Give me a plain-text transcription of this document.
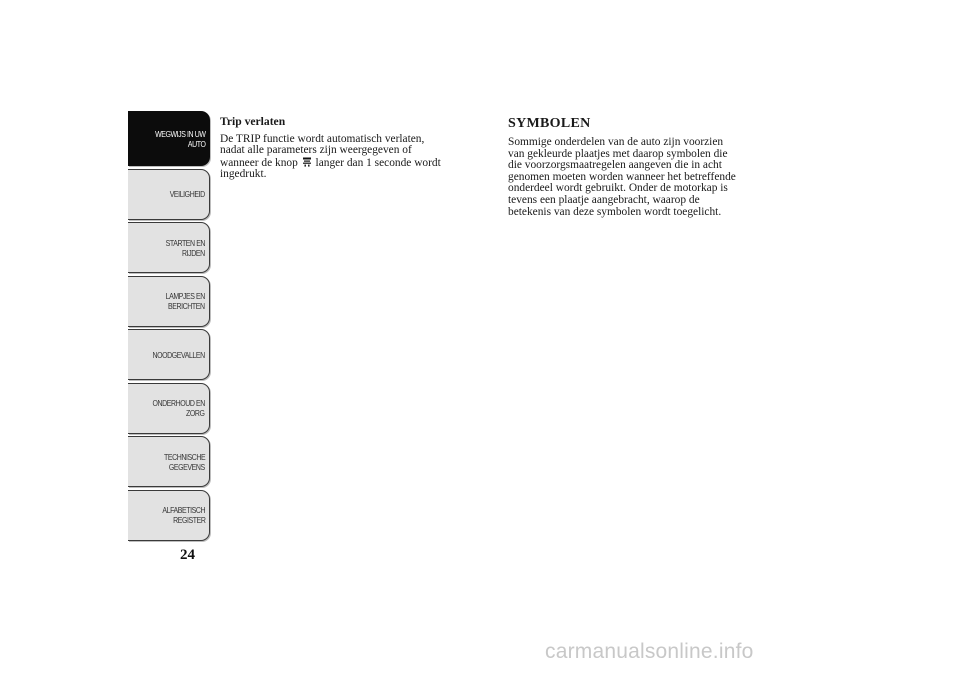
WEGWIJS IN UW
AUTO
VEILIGHEID
STARTEN EN
RIJDEN
LAMPJES EN
BERICHTEN
NOODGEVALLEN
ONDERHOUD EN
ZORG
TECHNISCHE
GEGEVENS
ALFABETISCH
REGISTER
24

Trip verlaten

De TRIP functie wordt automatisch verlaten,
nadat alle parameters zijn weergegeven of
wanneer de knop langer dan 1 seconde wordt
ingedrukt.

SYMBOLEN

Sommige onderdelen van de auto zijn voorzien
van gekleurde plaatjes met daarop symbolen die
die voorzorgsmaatregelen aangeven die in acht
genomen moeten worden wanneer het betreffende
onderdeel wordt gebruikt. Onder de motorkap is
tevens een plaatje aangebracht, waarop de
betekenis van deze symbolen wordt toegelicht.

carmanualsonline.info
